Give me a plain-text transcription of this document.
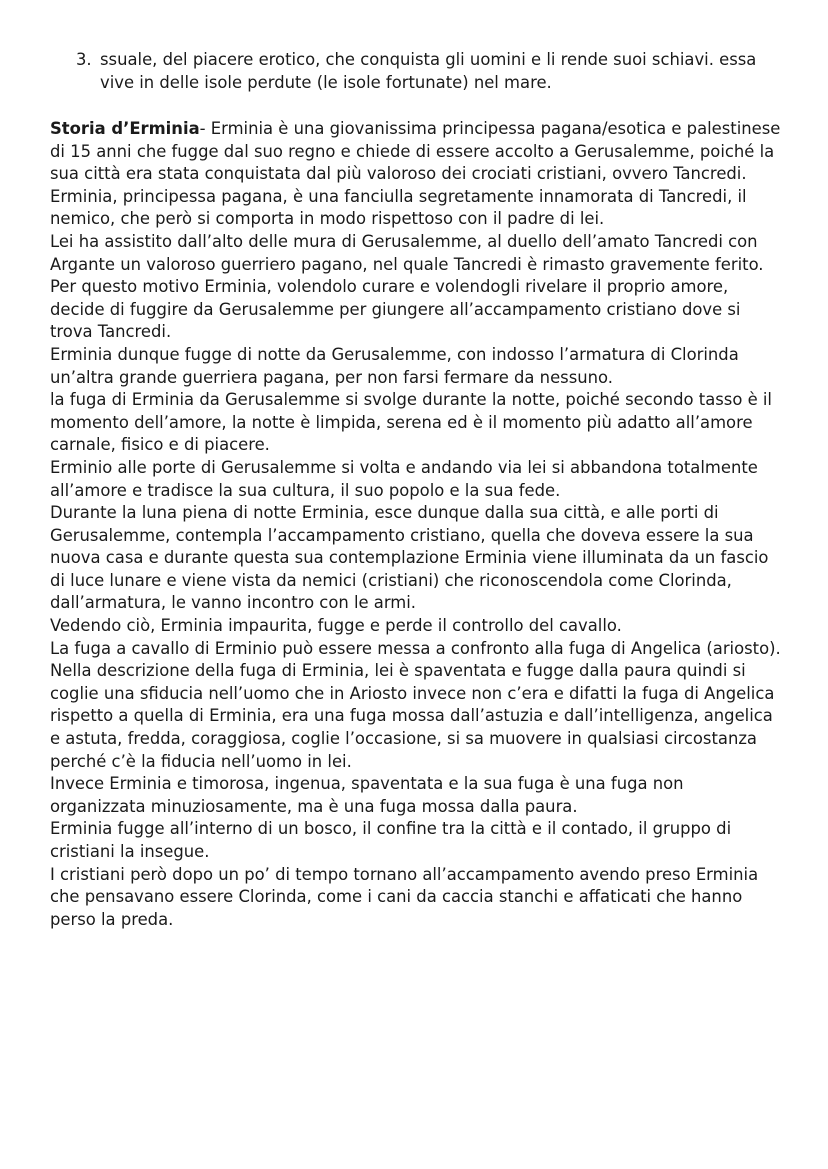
3. ssuale, del piacere erotico, che conquista gli uomini e li rende suoi schiavi. essa vive in delle isole perdute (le isole fortunate) nel mare.

Storia d’Erminia- Erminia è una giovanissima principessa pagana/esotica e palestinese di 15 anni che fugge dal suo regno e chiede di essere accolto a Gerusalemme, poiché la sua città era stata conquistata dal più valoroso dei crociati cristiani, ovvero Tancredi.

Erminia, principessa pagana, è una fanciulla segretamente innamorata di Tancredi, il nemico, che però si comporta in modo rispettoso con il padre di lei.

Lei ha assistito dall’alto delle mura di Gerusalemme, al duello dell’amato Tancredi con Argante un valoroso guerriero pagano, nel quale Tancredi è rimasto gravemente ferito.

Per questo motivo Erminia, volendolo curare e volendogli rivelare il proprio amore, decide di fuggire da Gerusalemme per giungere all’accampamento cristiano dove si trova Tancredi.

Erminia dunque fugge di notte da Gerusalemme, con indosso l’armatura di Clorinda un’altra grande guerriera pagana, per non farsi fermare da nessuno.

la fuga di Erminia da Gerusalemme si svolge durante la notte, poiché secondo tasso è il momento dell’amore, la notte è limpida, serena ed è il momento più adatto all’amore carnale, fisico e di piacere.

Erminio alle porte di Gerusalemme si volta e andando via lei si abbandona totalmente all’amore e tradisce la sua cultura, il suo popolo e la sua fede.

Durante la luna piena di notte Erminia, esce dunque dalla sua città, e alle porti di Gerusalemme, contempla l’accampamento cristiano, quella che doveva essere la sua nuova casa e durante questa sua contemplazione Erminia viene illuminata da un fascio di luce lunare e viene vista da nemici (cristiani) che riconoscendola come Clorinda, dall’armatura, le vanno incontro con le armi.

Vedendo ciò, Erminia impaurita, fugge e perde il controllo del cavallo.

La fuga a cavallo di Erminio può essere messa a confronto alla fuga di Angelica (ariosto).

Nella descrizione della fuga di Erminia, lei è spaventata e fugge dalla paura quindi si coglie una sfiducia nell’uomo che in Ariosto invece non c’era e difatti la fuga di Angelica rispetto a quella di Erminia, era una fuga mossa dall’astuzia e dall’intelligenza, angelica e astuta, fredda, coraggiosa, coglie l’occasione, si sa muovere in qualsiasi circostanza perché c’è la fiducia nell’uomo in lei.

Invece Erminia e timorosa, ingenua, spaventata e la sua fuga è una fuga non organizzata minuziosamente, ma è una fuga mossa dalla paura.

Erminia fugge all’interno di un bosco, il confine tra la città e il contado, il gruppo di cristiani la insegue.

I cristiani però dopo un po’ di tempo tornano all’accampamento avendo preso Erminia che pensavano essere Clorinda, come i cani da caccia stanchi e affaticati che hanno perso la preda.
